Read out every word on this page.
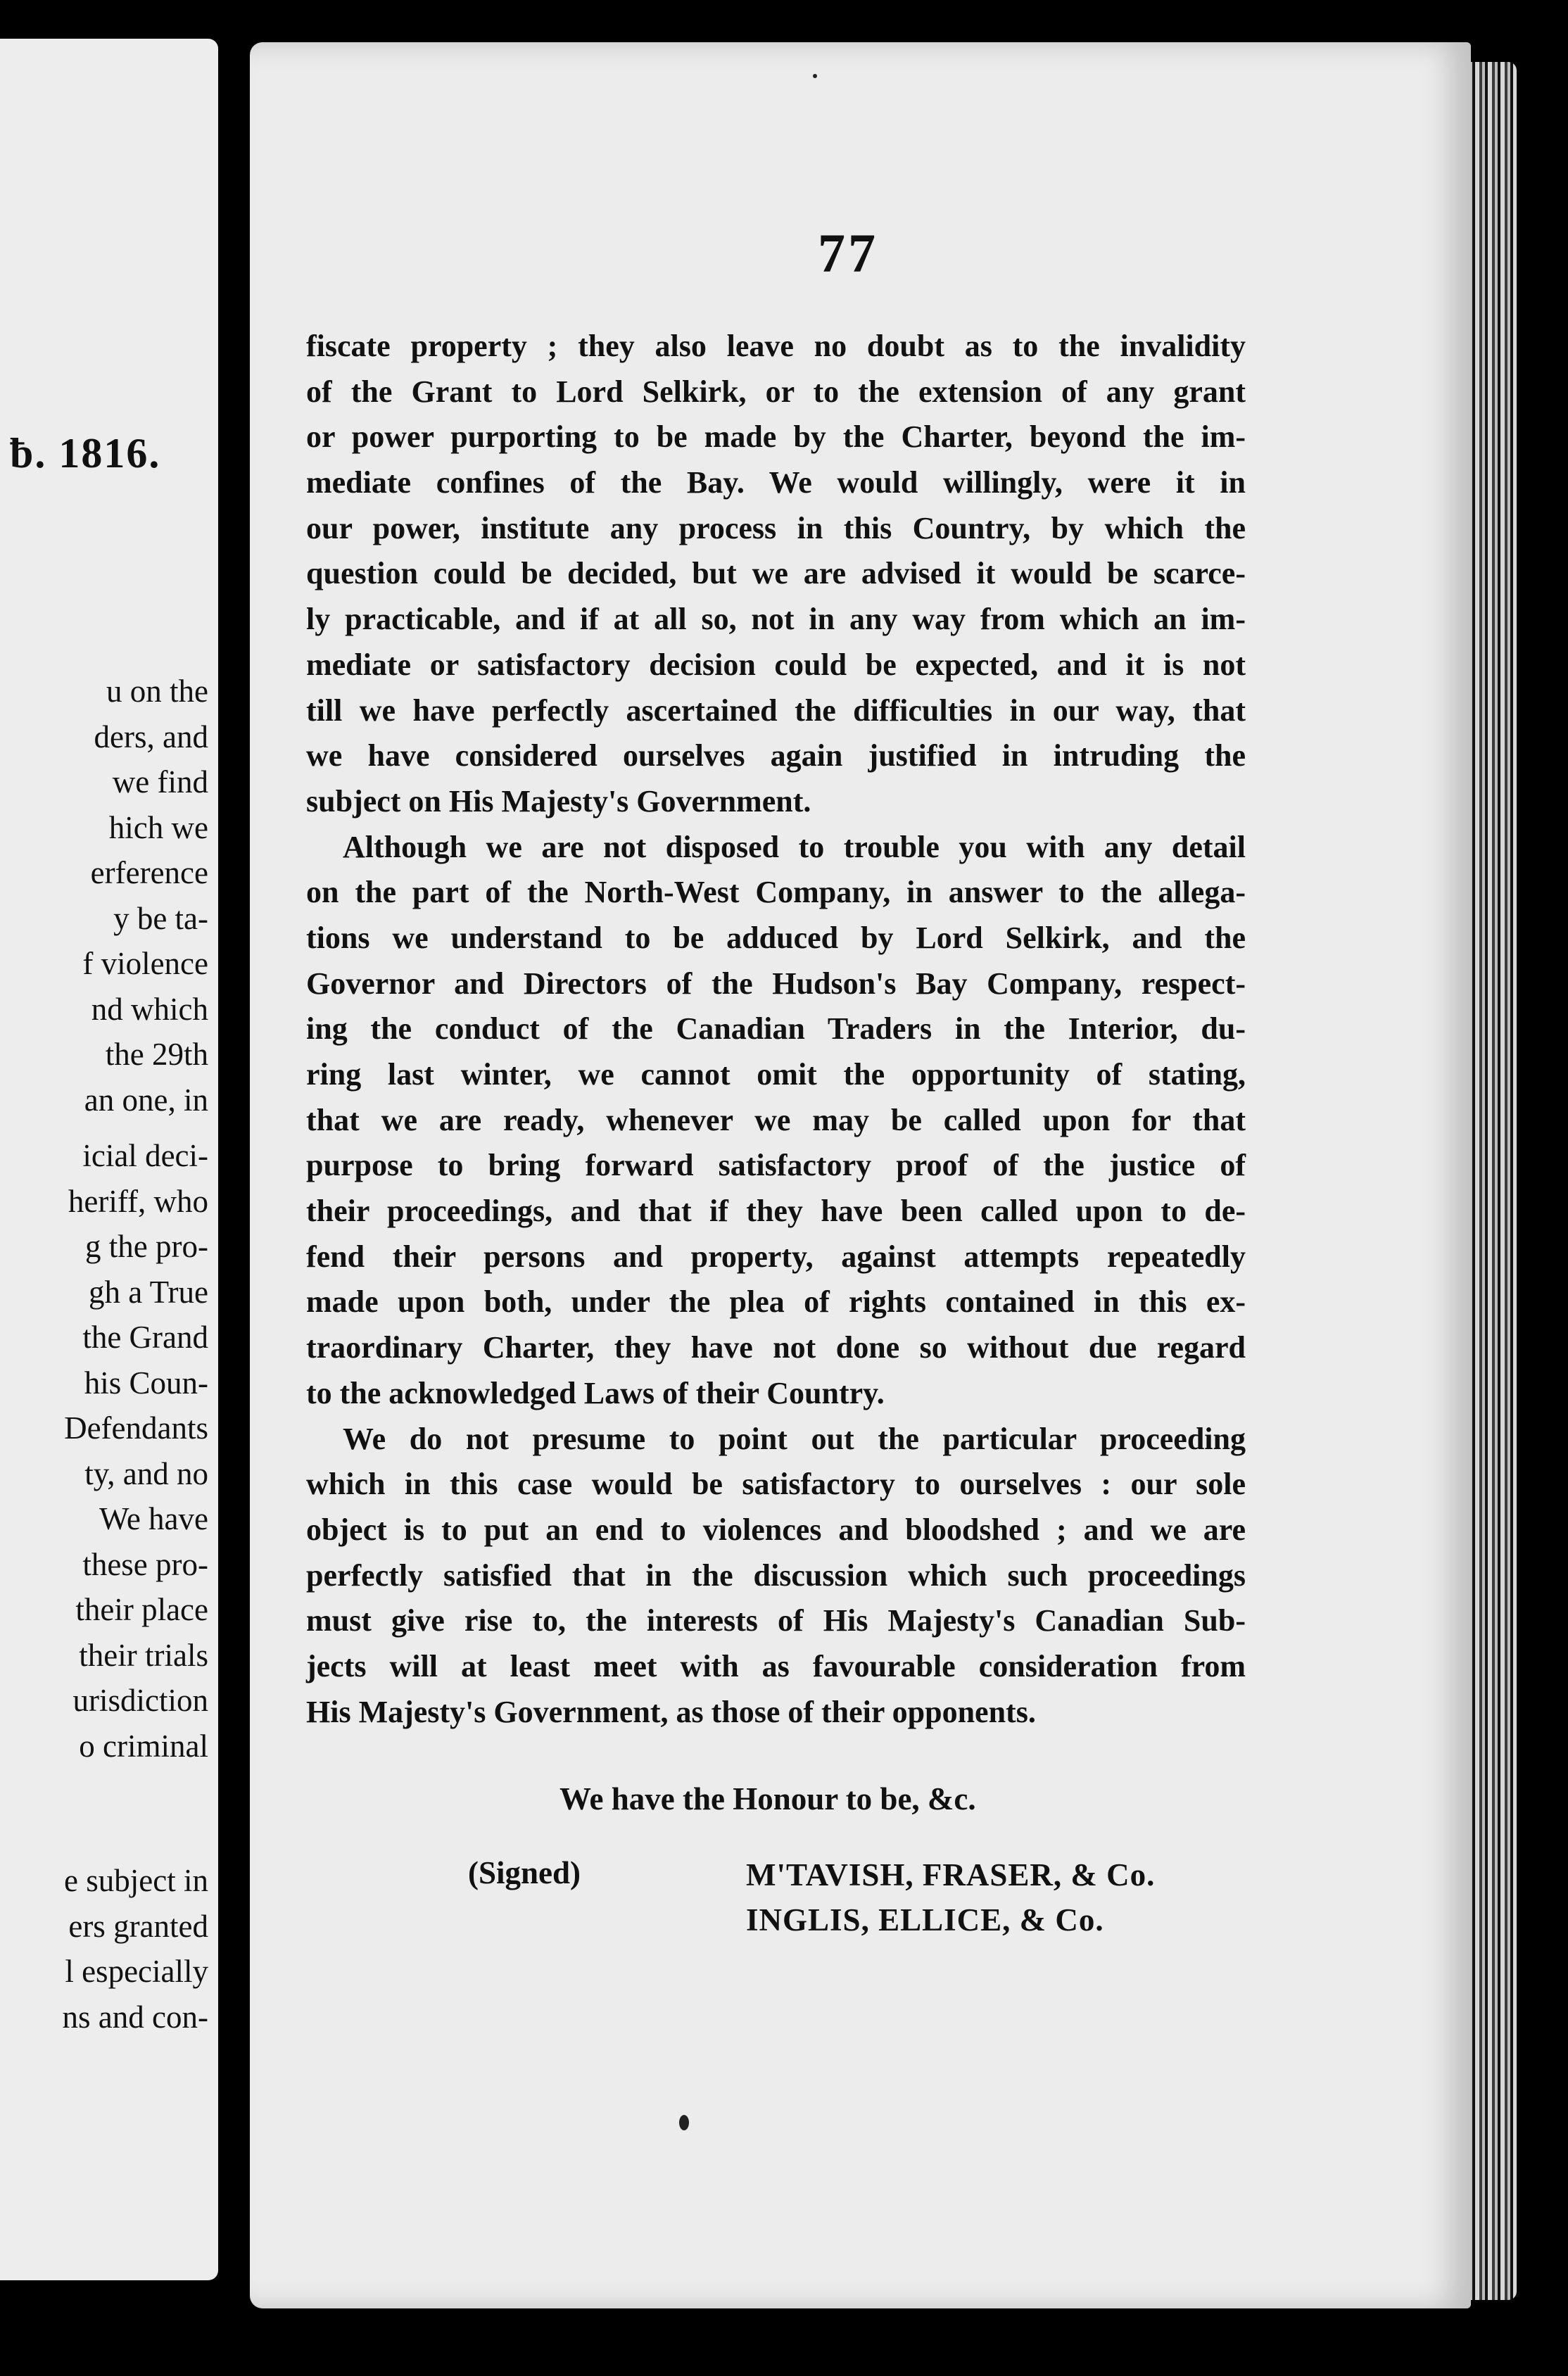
ƀ. 1816.
u on the
ders, and
we find
hich we
erference
y be ta-
f violence
nd which
the 29th
an one, in
icial deci-
heriff, who
g the pro-
gh a True
the Grand
his Coun-
Defendants
ty, and no
We have
these pro-
their place
their trials
urisdiction
o criminal
e subject in
ers granted
l especially
ns and con-
77
fiscate property ; they also leave no doubt as to the invalidity
of the Grant to Lord Selkirk, or to the extension of any grant
or power purporting to be made by the Charter, beyond the im-
mediate confines of the Bay. We would willingly, were it in
our power, institute any process in this Country, by which the
question could be decided, but we are advised it would be scarce-
ly practicable, and if at all so, not in any way from which an im-
mediate or satisfactory decision could be expected, and it is not
till we have perfectly ascertained the difficulties in our way, that
we have considered ourselves again justified in intruding the
subject on His Majesty's Government.
Although we are not disposed to trouble you with any detail
on the part of the North-West Company, in answer to the allega-
tions we understand to be adduced by Lord Selkirk, and the
Governor and Directors of the Hudson's Bay Company, respect-
ing the conduct of the Canadian Traders in the Interior, du-
ring last winter, we cannot omit the opportunity of stating,
that we are ready, whenever we may be called upon for that
purpose to bring forward satisfactory proof of the justice of
their proceedings, and that if they have been called upon to de-
fend their persons and property, against attempts repeatedly
made upon both, under the plea of rights contained in this ex-
traordinary Charter, they have not done so without due regard
to the acknowledged Laws of their Country.
We do not presume to point out the particular proceeding
which in this case would be satisfactory to ourselves : our sole
object is to put an end to violences and bloodshed ; and we are
perfectly satisfied that in the discussion which such proceedings
must give rise to, the interests of His Majesty's Canadian Sub-
jects will at least meet with as favourable consideration from
His Majesty's Government, as those of their opponents.
We have the Honour to be, &c.
(Signed)	M'TAVISH, FRASER, & Co.
INGLIS, ELLICE, & Co.
